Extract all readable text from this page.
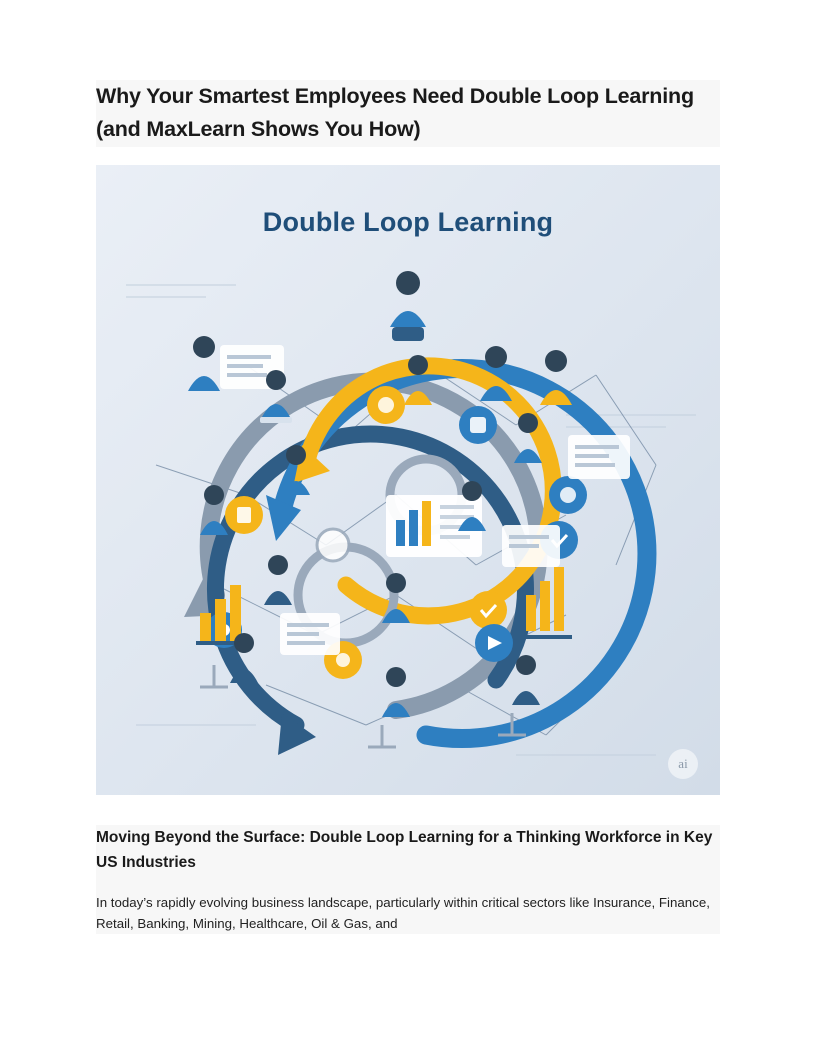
Why Your Smartest Employees Need Double Loop Learning (and MaxLearn Shows You How)
Double Loop Learning
ai
Moving Beyond the Surface: Double Loop Learning for a Thinking Workforce in Key US Industries

In today’s rapidly evolving business landscape, particularly within critical sectors like Insurance, Finance, Retail, Banking, Mining, Healthcare, Oil & Gas, and
